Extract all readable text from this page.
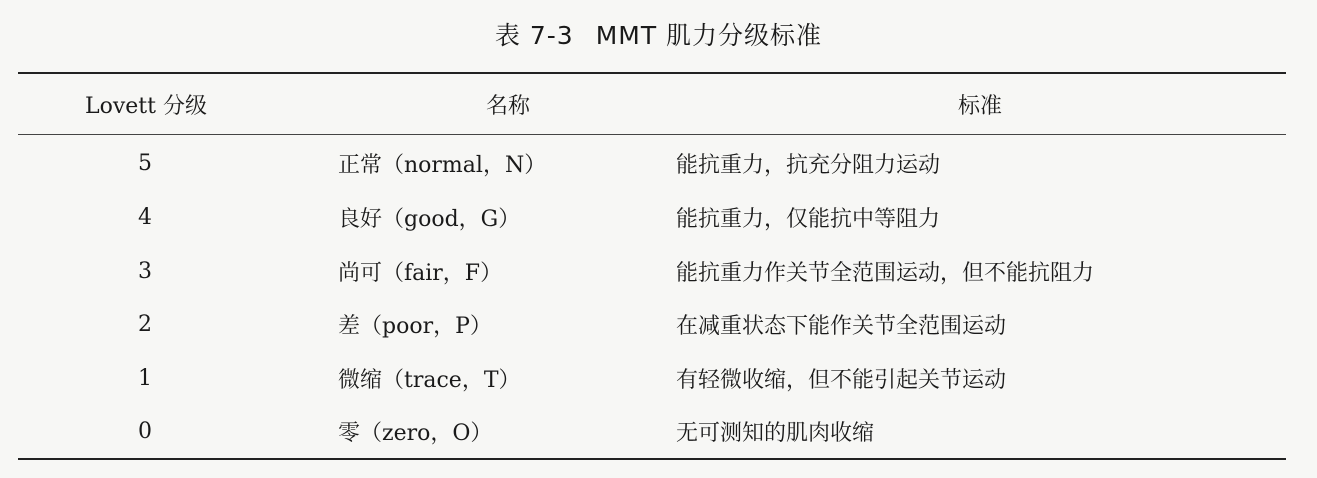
表 7-3 MMT 肌力分级标准
Lovett 分级	名称	标准
5	正常（normal，N）	能抗重力，抗充分阻力运动
4	良好（good，G）	能抗重力，仅能抗中等阻力
3	尚可（fair，F）	能抗重力作关节全范围运动，但不能抗阻力
2	差（poor，P）	在减重状态下能作关节全范围运动
1	微缩（trace，T）	有轻微收缩，但不能引起关节运动
0	零（zero，O）	无可测知的肌肉收缩
